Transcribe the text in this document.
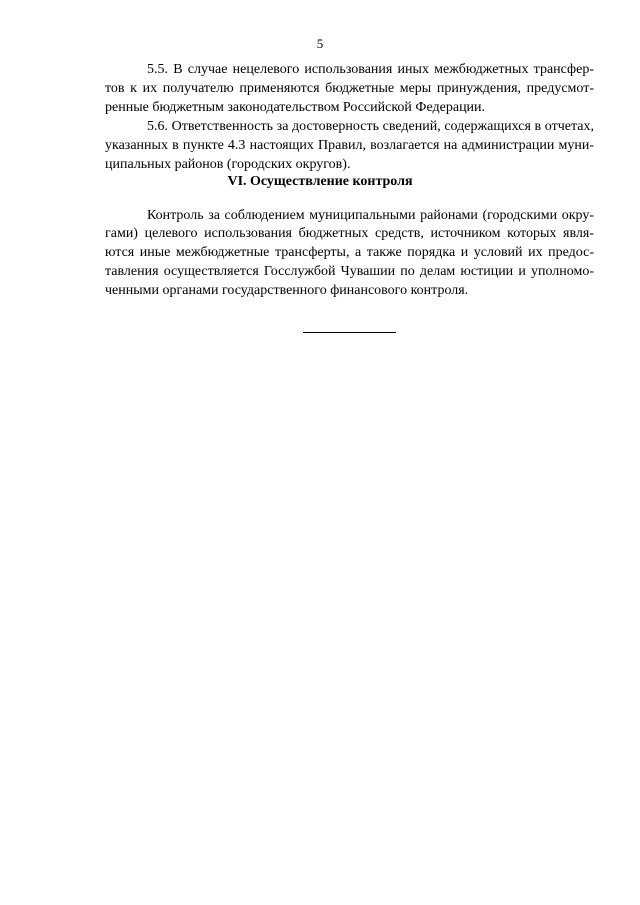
5
5.5. В случае нецелевого использования иных межбюджетных трансфер-
тов к их получателю применяются бюджетные меры принуждения, предусмот-
ренные бюджетным законодательством Российской Федерации.
5.6. Ответственность за достоверность сведений, содержащихся в отчетах,
указанных в пункте 4.3 настоящих Правил, возлагается на администрации муни-
ципальных районов (городских округов).
VI. Осуществление контроля
Контроль за соблюдением муниципальными районами (городскими окру-
гами) целевого использования бюджетных средств, источником которых явля-
ются иные межбюджетные трансферты, а также порядка и условий их предос-
тавления осуществляется Госслужбой Чувашии по делам юстиции и уполномо-
ченными органами государственного финансового контроля.
